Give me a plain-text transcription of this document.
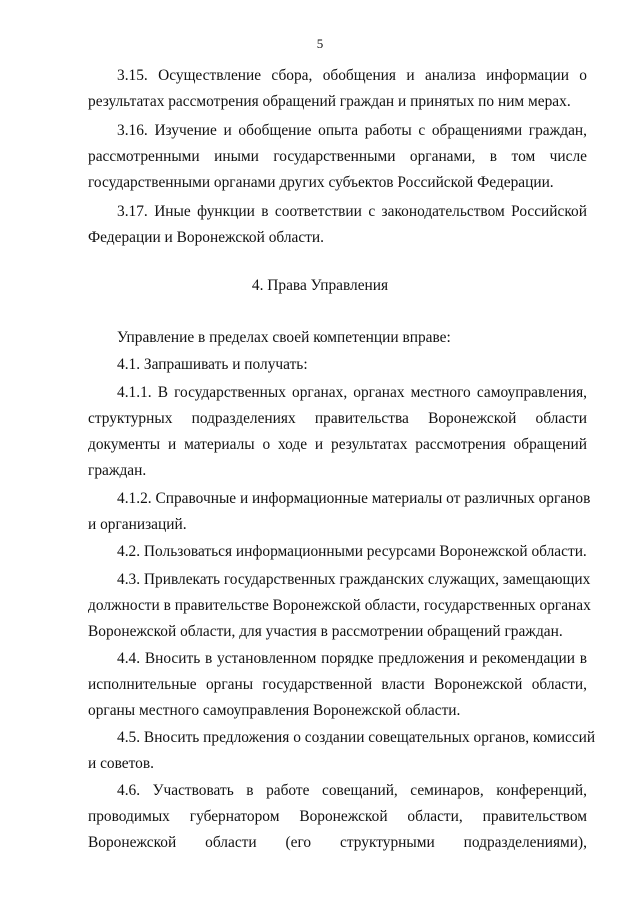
5
3.15. Осуществление сбора, обобщения и анализа информации о
результатах рассмотрения обращений граждан и принятых по ним мерах.
3.16. Изучение и обобщение опыта работы с обращениями граждан,
рассмотренными иными государственными органами, в том числе
государственными органами других субъектов Российской Федерации.
3.17. Иные функции в соответствии с законодательством Российской
Федерации и Воронежской области.
4. Права Управления
Управление в пределах своей компетенции вправе:
4.1. Запрашивать и получать:
4.1.1. В государственных органах, органах местного самоуправления,
структурных подразделениях правительства Воронежской области
документы и материалы о ходе и результатах рассмотрения обращений
граждан.
4.1.2. Справочные и информационные материалы от различных органов
и организаций.
4.2. Пользоваться информационными ресурсами Воронежской области.
4.3. Привлекать государственных гражданских служащих, замещающих
должности в правительстве Воронежской области, государственных органах
Воронежской области, для участия в рассмотрении обращений граждан.
4.4. Вносить в установленном порядке предложения и рекомендации в
исполнительные органы государственной власти Воронежской области,
органы местного самоуправления Воронежской области.
4.5. Вносить предложения о создании совещательных органов, комиссий
и советов.
4.6. Участвовать в работе совещаний, семинаров, конференций,
проводимых губернатором Воронежской области, правительством
Воронежской области (его структурными подразделениями),
